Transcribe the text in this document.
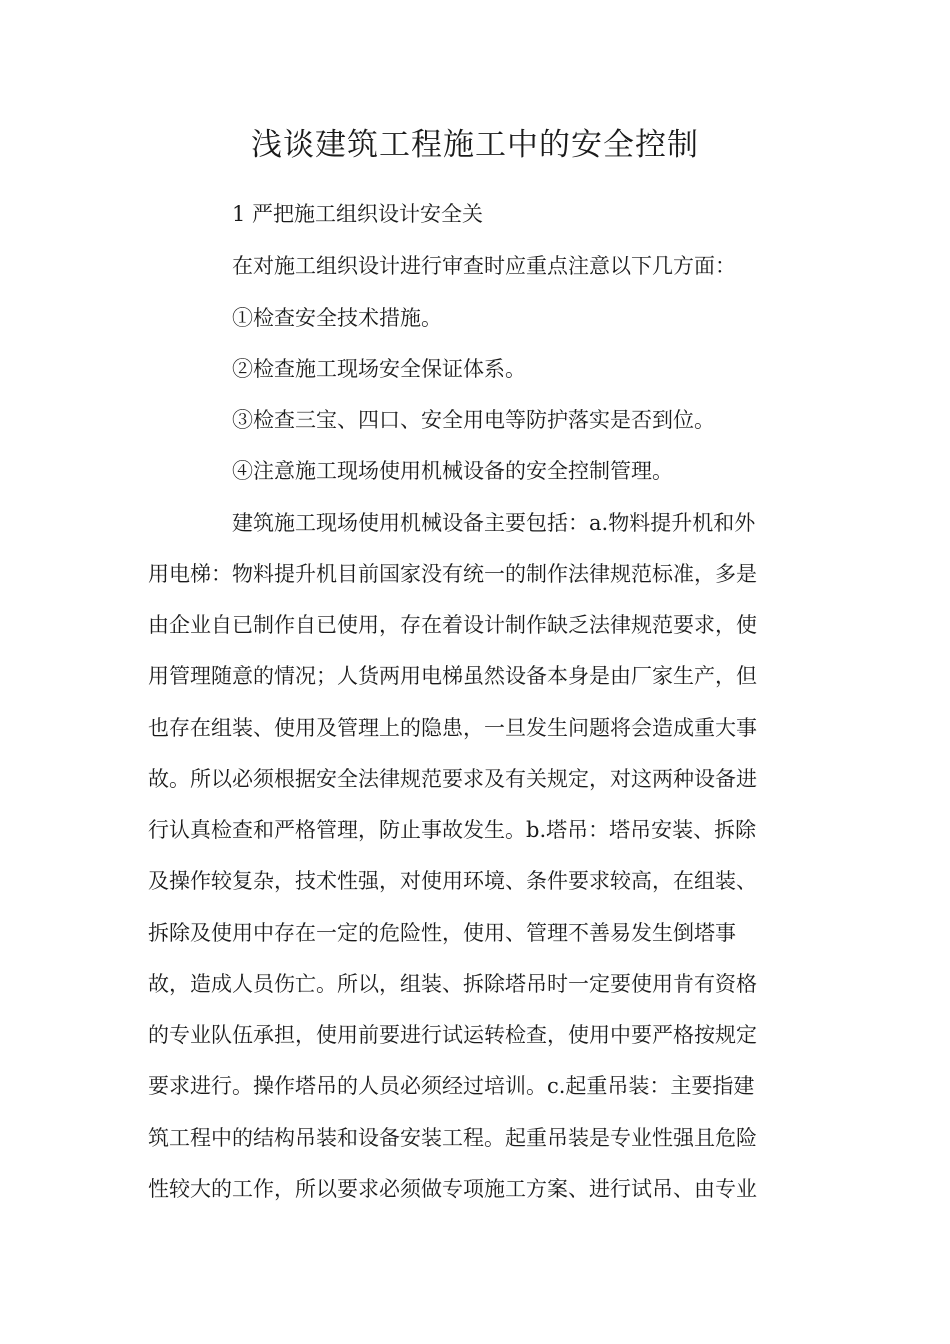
浅谈建筑工程施工中的安全控制

1 严把施工组织设计安全关

在对施工组织设计进行审查时应重点注意以下几方面：

①检查安全技术措施。

②检查施工现场安全保证体系。

③检查三宝、四口、安全用电等防护落实是否到位。

④注意施工现场使用机械设备的安全控制管理。

建筑施工现场使用机械设备主要包括：a.物料提升机和外

用电梯：物料提升机目前国家没有统一的制作法律规范标准，多是

由企业自已制作自已使用，存在着设计制作缺乏法律规范要求，使

用管理随意的情况；人货两用电梯虽然设备本身是由厂家生产，但

也存在组装、使用及管理上的隐患，一旦发生问题将会造成重大事

故。所以必须根据安全法律规范要求及有关规定，对这两种设备进

行认真检查和严格管理，防止事故发生。b.塔吊：塔吊安装、拆除

及操作较复杂，技术性强，对使用环境、条件要求较高，在组装、

拆除及使用中存在一定的危险性，使用、管理不善易发生倒塔事

故，造成人员伤亡。所以，组装、拆除塔吊时一定要使用肯有资格

的专业队伍承担，使用前要进行试运转检查，使用中要严格按规定

要求进行。操作塔吊的人员必须经过培训。c.起重吊装：主要指建

筑工程中的结构吊装和设备安装工程。起重吊装是专业性强且危险

性较大的工作，所以要求必须做专项施工方案、进行试吊、由专业
